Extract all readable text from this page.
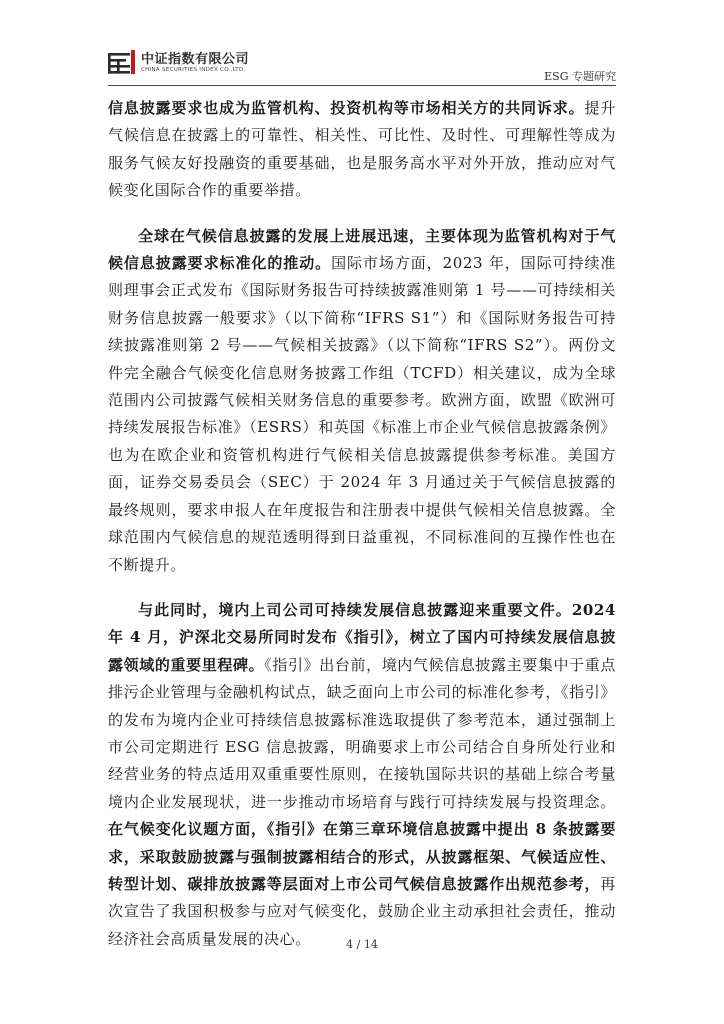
中证指数有限公司
CHINA SECURITIES INDEX CO.,LTD.
ESG 专题研究

信息披露要求也成为监管机构、投资机构等市场相关方的共同诉求。提升气候信息在披露上的可靠性、相关性、可比性、及时性、可理解性等成为服务气候友好投融资的重要基础，也是服务高水平对外开放，推动应对气候变化国际合作的重要举措。

全球在气候信息披露的发展上进展迅速，主要体现为监管机构对于气候信息披露要求标准化的推动。国际市场方面，2023 年，国际可持续准则理事会正式发布《国际财务报告可持续披露准则第 1 号——可持续相关财务信息披露一般要求》（以下简称“IFRS S1”）和《国际财务报告可持续披露准则第 2 号——气候相关披露》（以下简称“IFRS S2”）。两份文件完全融合气候变化信息财务披露工作组（TCFD）相关建议，成为全球范围内公司披露气候相关财务信息的重要参考。欧洲方面，欧盟《欧洲可持续发展报告标准》（ESRS）和英国《标准上市企业气候信息披露条例》也为在欧企业和资管机构进行气候相关信息披露提供参考标准。美国方面，证券交易委员会（SEC）于 2024 年 3 月通过关于气候信息披露的最终规则，要求申报人在年度报告和注册表中提供气候相关信息披露。全球范围内气候信息的规范透明得到日益重视，不同标准间的互操作性也在不断提升。

与此同时，境内上司公司可持续发展信息披露迎来重要文件。2024 年 4 月，沪深北交易所同时发布《指引》，树立了国内可持续发展信息披露领域的重要里程碑。《指引》出台前，境内气候信息披露主要集中于重点排污企业管理与金融机构试点，缺乏面向上市公司的标准化参考，《指引》的发布为境内企业可持续信息披露标准选取提供了参考范本，通过强制上市公司定期进行 ESG 信息披露，明确要求上市公司结合自身所处行业和经营业务的特点适用双重重要性原则，在接轨国际共识的基础上综合考量境内企业发展现状，进一步推动市场培育与践行可持续发展与投资理念。在气候变化议题方面，《指引》在第三章环境信息披露中提出 8 条披露要求，采取鼓励披露与强制披露相结合的形式，从披露框架、气候适应性、转型计划、碳排放披露等层面对上市公司气候信息披露作出规范参考，再次宣告了我国积极参与应对气候变化，鼓励企业主动承担社会责任，推动经济社会高质量发展的决心。	4 / 14
